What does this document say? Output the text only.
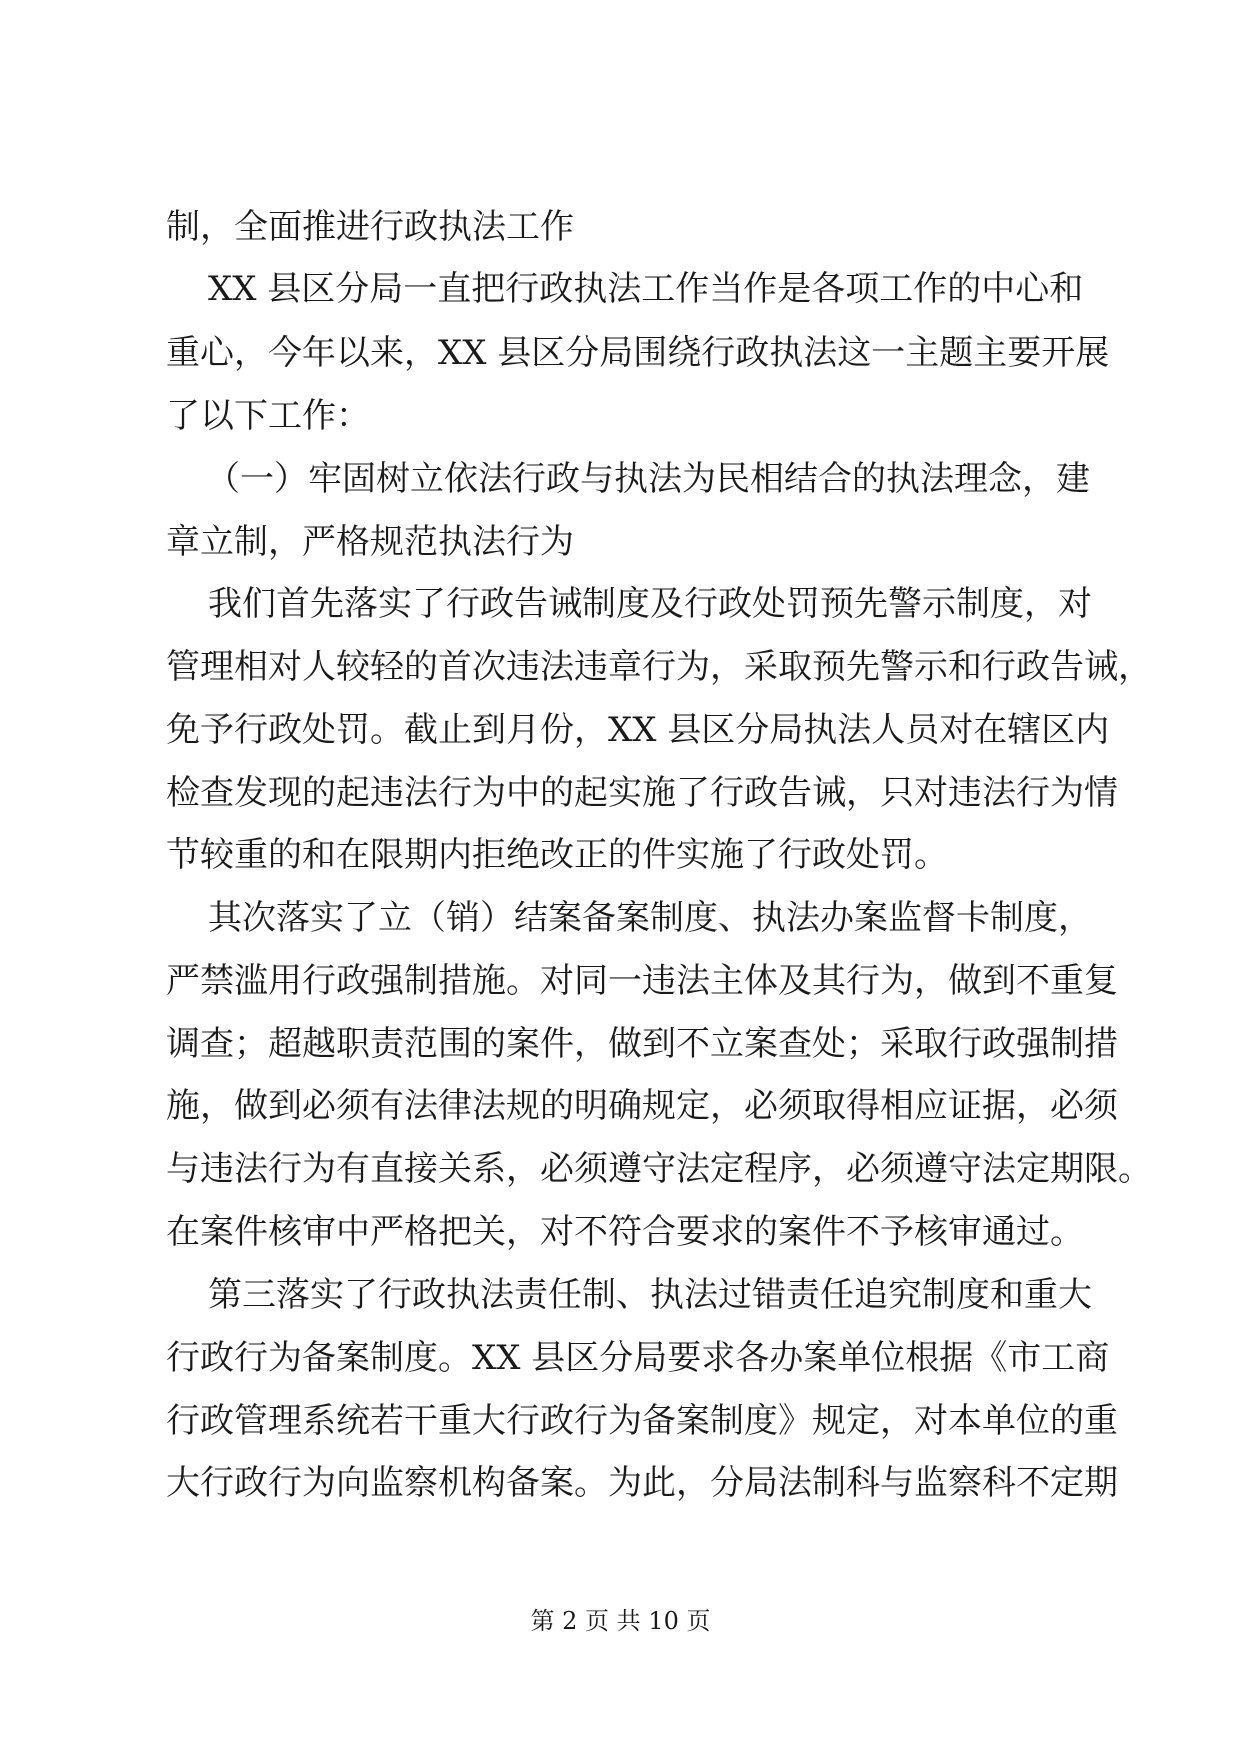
制，全面推进行政执法工作
XX 县区分局一直把行政执法工作当作是各项工作的中心和
重心，今年以来，XX 县区分局围绕行政执法这一主题主要开展
了以下工作：
（一）牢固树立依法行政与执法为民相结合的执法理念，建
章立制，严格规范执法行为
我们首先落实了行政告诫制度及行政处罚预先警示制度，对
管理相对人较轻的首次违法违章行为，采取预先警示和行政告诫，
免予行政处罚。截止到月份，XX 县区分局执法人员对在辖区内
检查发现的起违法行为中的起实施了行政告诫，只对违法行为情
节较重的和在限期内拒绝改正的件实施了行政处罚。
其次落实了立（销）结案备案制度、执法办案监督卡制度，
严禁滥用行政强制措施。对同一违法主体及其行为，做到不重复
调查；超越职责范围的案件，做到不立案查处；采取行政强制措
施，做到必须有法律法规的明确规定，必须取得相应证据，必须
与违法行为有直接关系，必须遵守法定程序，必须遵守法定期限。
在案件核审中严格把关，对不符合要求的案件不予核审通过。
第三落实了行政执法责任制、执法过错责任追究制度和重大
行政行为备案制度。XX 县区分局要求各办案单位根据《市工商
行政管理系统若干重大行政行为备案制度》规定，对本单位的重
大行政行为向监察机构备案。为此，分局法制科与监察科不定期
第 2 页 共 10 页
